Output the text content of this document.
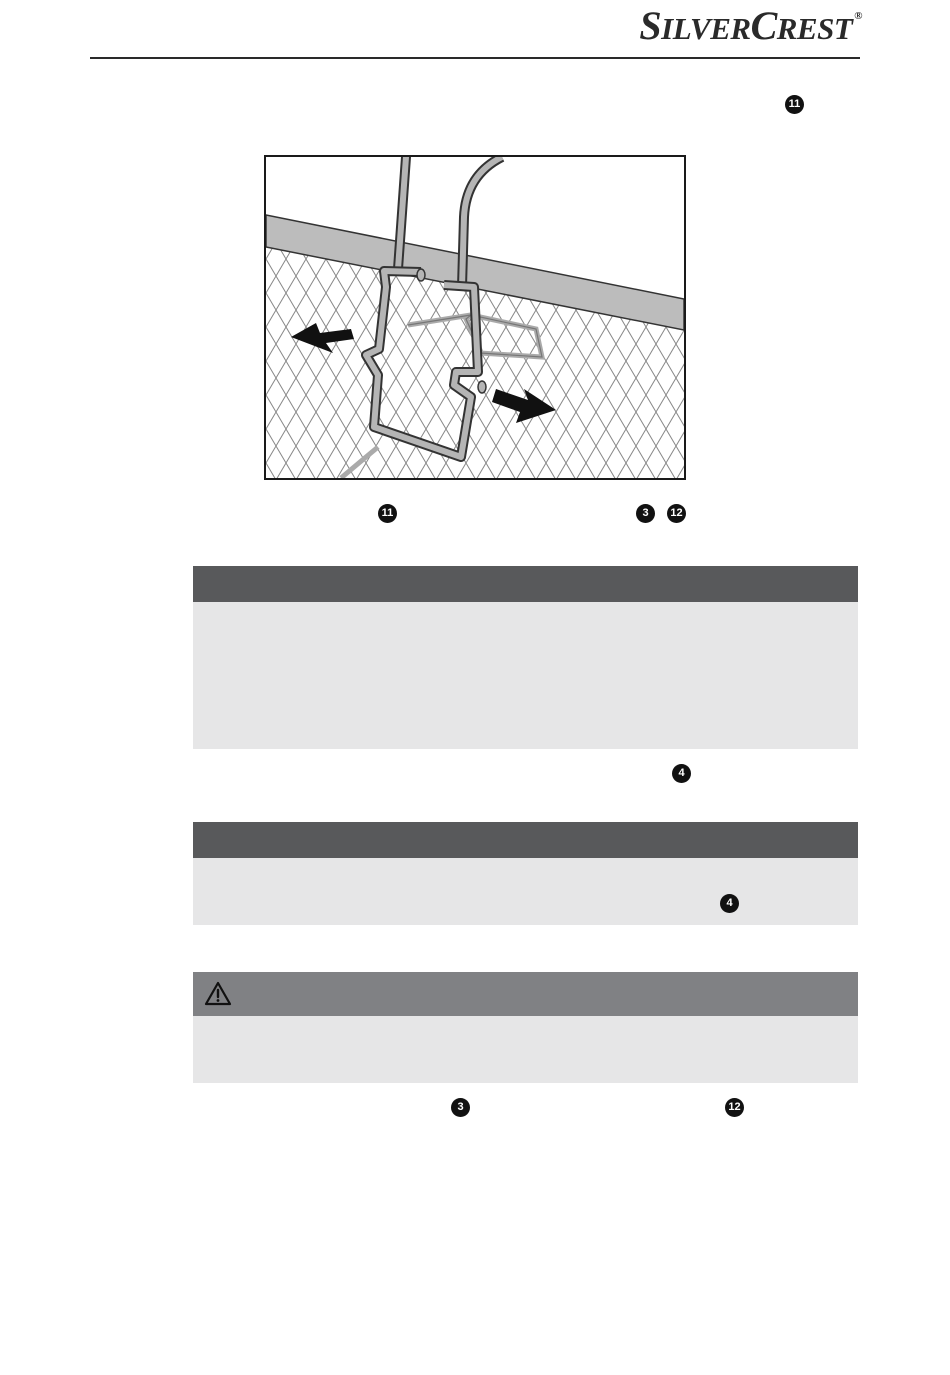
SILVERCREST ®
11
11	3	12
4
4
3	12
